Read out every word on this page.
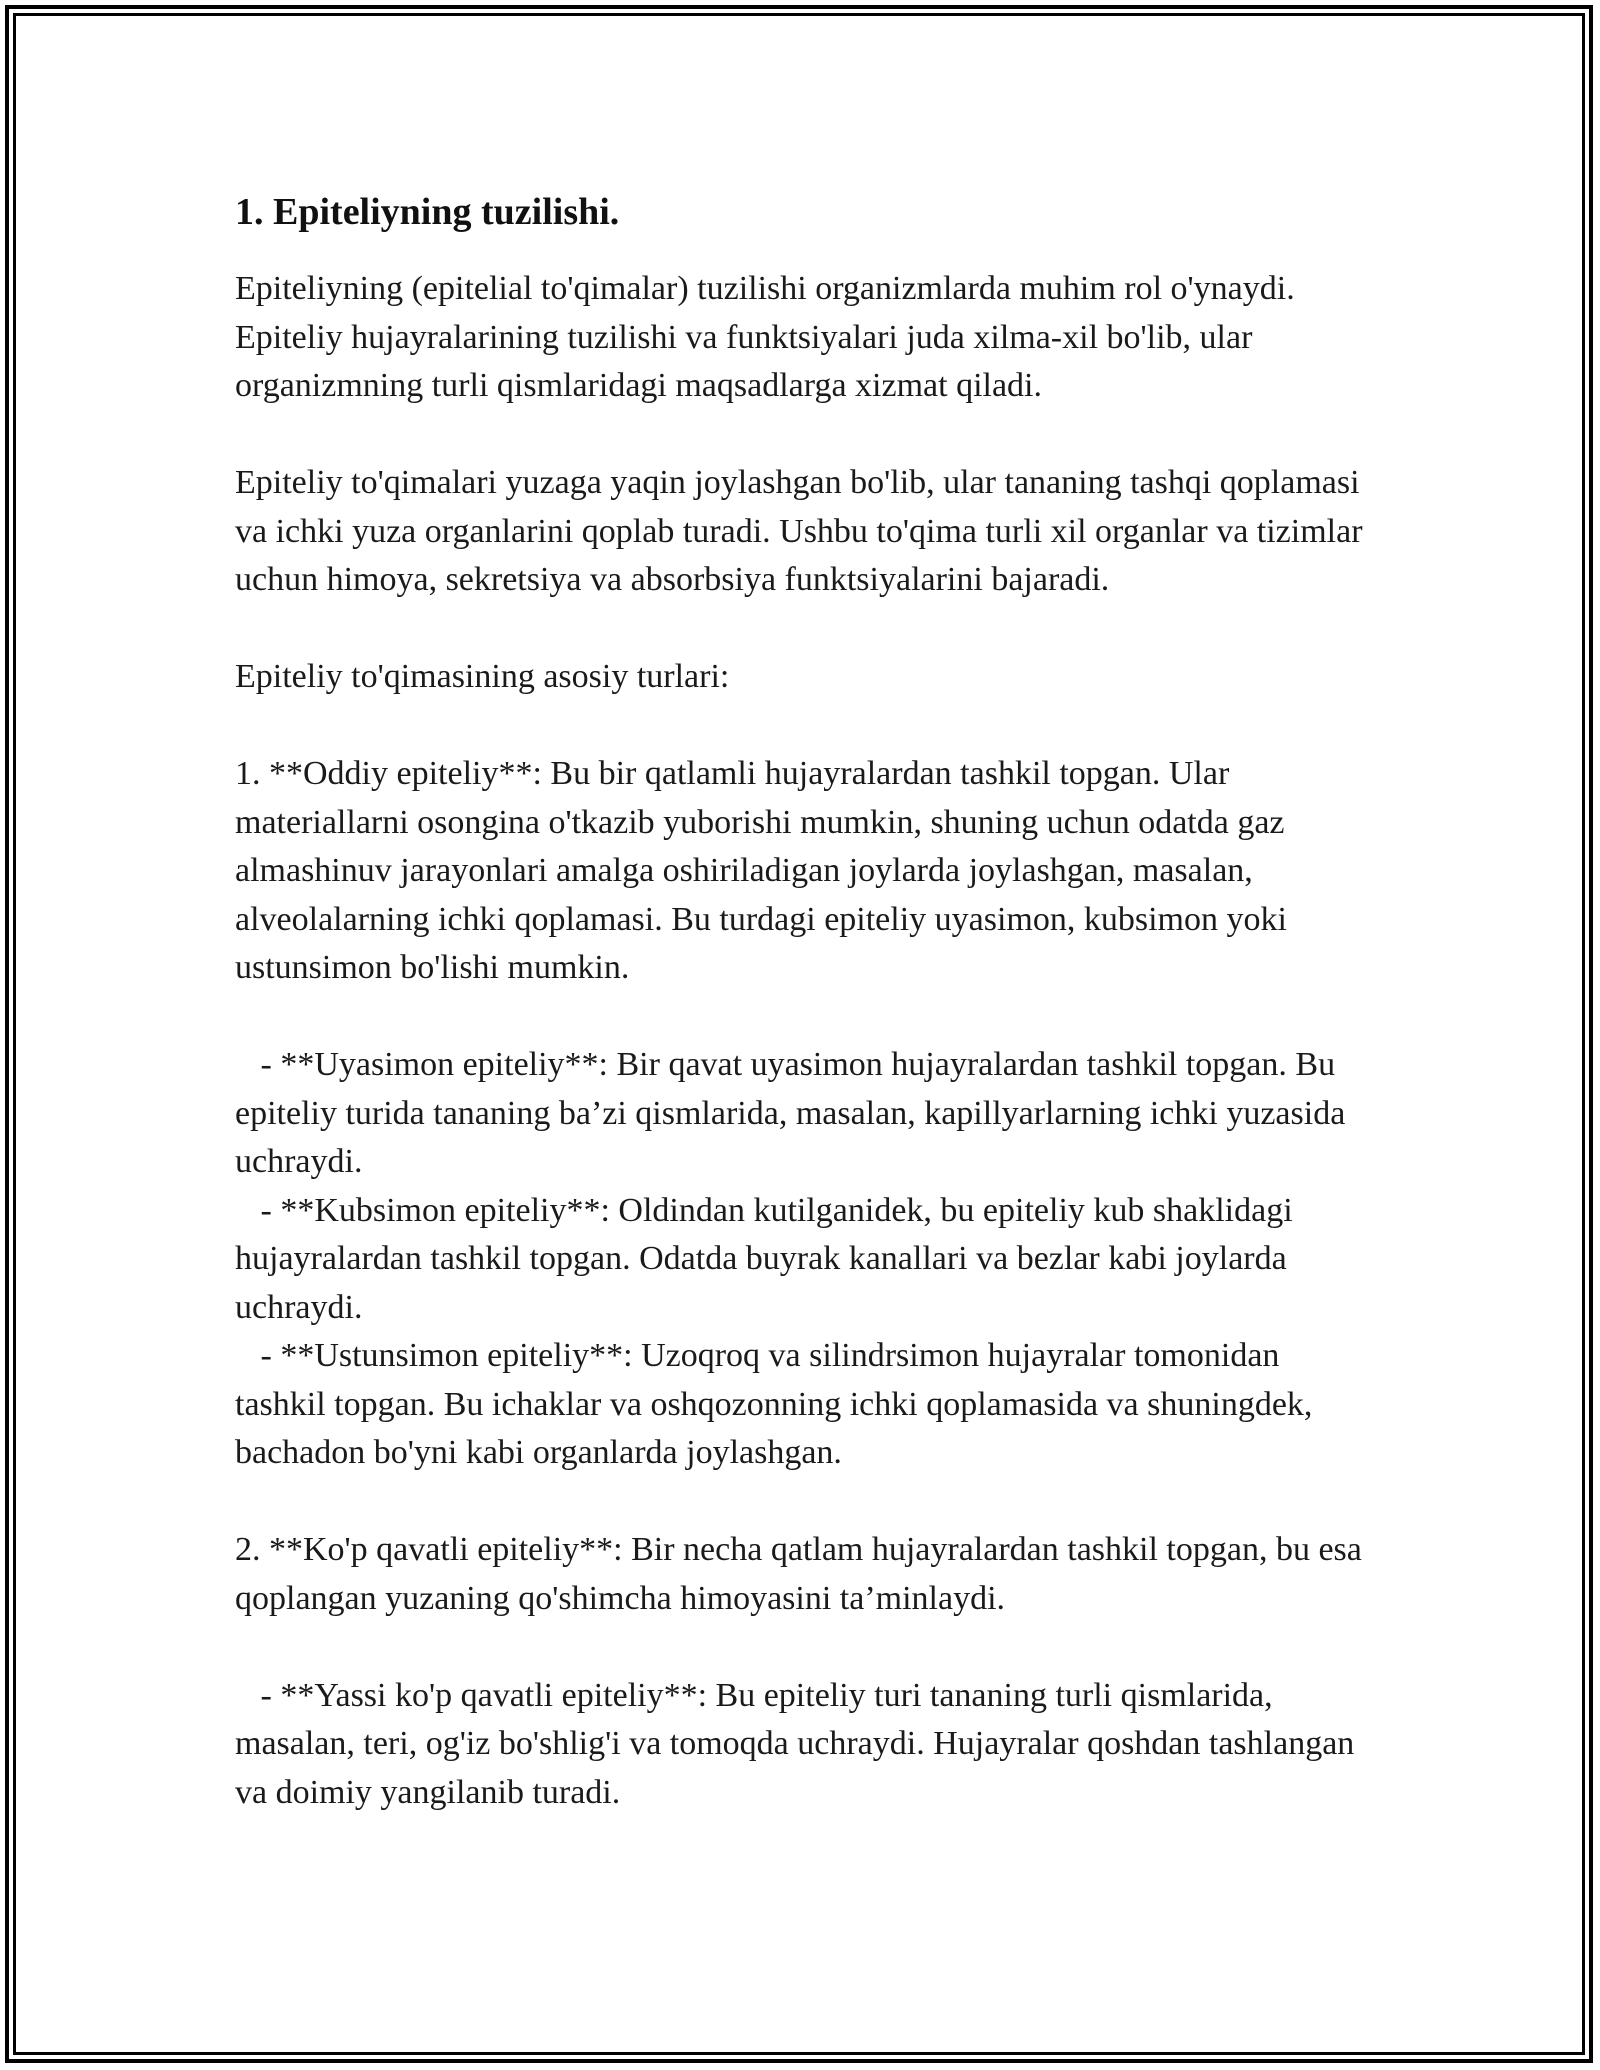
1. Epiteliyning tuzilishi.

Epiteliyning (epitelial to'qimalar) tuzilishi organizmlarda muhim rol o'ynaydi. Epiteliy hujayralarining tuzilishi va funktsiyalari juda xilma-xil bo'lib, ular organizmning turli qismlaridagi maqsadlarga xizmat qiladi.

Epiteliy to'qimalari yuzaga yaqin joylashgan bo'lib, ular tananing tashqi qoplamasi va ichki yuza organlarini qoplab turadi. Ushbu to'qima turli xil organlar va tizimlar uchun himoya, sekretsiya va absorbsiya funktsiyalarini bajaradi.

Epiteliy to'qimasining asosiy turlari:

1. **Oddiy epiteliy**: Bu bir qatlamli hujayralardan tashkil topgan. Ular materiallarni osongina o'tkazib yuborishi mumkin, shuning uchun odatda gaz almashinuv jarayonlari amalga oshiriladigan joylarda joylashgan, masalan, alveolalarning ichki qoplamasi. Bu turdagi epiteliy uyasimon, kubsimon yoki ustunsimon bo'lishi mumkin.

- **Uyasimon epiteliy**: Bir qavat uyasimon hujayralardan tashkil topgan. Bu epiteliy turida tananing ba’zi qismlarida, masalan, kapillyarlarning ichki yuzasida uchraydi.

- **Kubsimon epiteliy**: Oldindan kutilganidek, bu epiteliy kub shaklidagi hujayralardan tashkil topgan. Odatda buyrak kanallari va bezlar kabi joylarda uchraydi.

- **Ustunsimon epiteliy**: Uzoqroq va silindrsimon hujayralar tomonidan tashkil topgan. Bu ichaklar va oshqozonning ichki qoplamasida va shuningdek, bachadon bo'yni kabi organlarda joylashgan.

2. **Ko'p qavatli epiteliy**: Bir necha qatlam hujayralardan tashkil topgan, bu esa qoplangan yuzaning qo'shimcha himoyasini ta’minlaydi.

- **Yassi ko'p qavatli epiteliy**: Bu epiteliy turi tananing turli qismlarida, masalan, teri, og'iz bo'shlig'i va tomoqda uchraydi. Hujayralar qoshdan tashlangan va doimiy yangilanib turadi.
